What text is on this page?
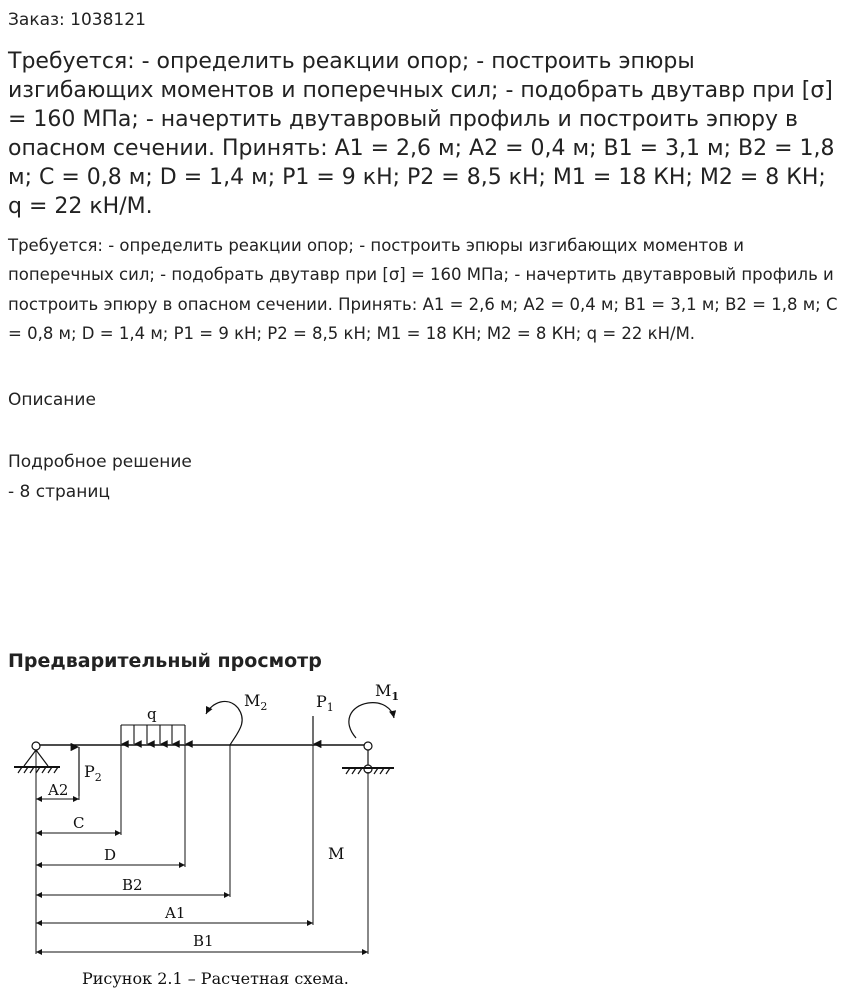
Заказ: 1038121

Требуется: - определить реакции опор; - построить эпюры изгибающих моментов и поперечных сил; - подобрать двутавр при [σ] = 160 МПа; - начертить двутавровый профиль и построить эпюру в опасном сечении. Принять: A1 = 2,6 м; A2 = 0,4 м; B1 = 3,1 м; B2 = 1,8 м; C = 0,8 м; D = 1,4 м; P1 = 9 кН; P2 = 8,5 кН; M1 = 18 КН; M2 = 8 КН; q = 22 кН/М.

Требуется: - определить реакции опор; - построить эпюры изгибающих моментов и поперечных сил; - подобрать двутавр при [σ] = 160 МПа; - начертить двутавровый профиль и построить эпюру в опасном сечении. Принять: A1 = 2,6 м; A2 = 0,4 м; B1 = 3,1 м; B2 = 1,8 м; C = 0,8 м; D = 1,4 м; P1 = 9 кН; P2 = 8,5 кН; M1 = 18 КН; M2 = 8 КН; q = 22 кН/М.

Описание
Подробное решение
- 8 страниц
Предварительный просмотр
q
$M_2$	$P_1$
$M_1$
$P_2$
A2
C
D
B2
A1
B1
M
Рисунок 2.1 – Расчетная схема.
